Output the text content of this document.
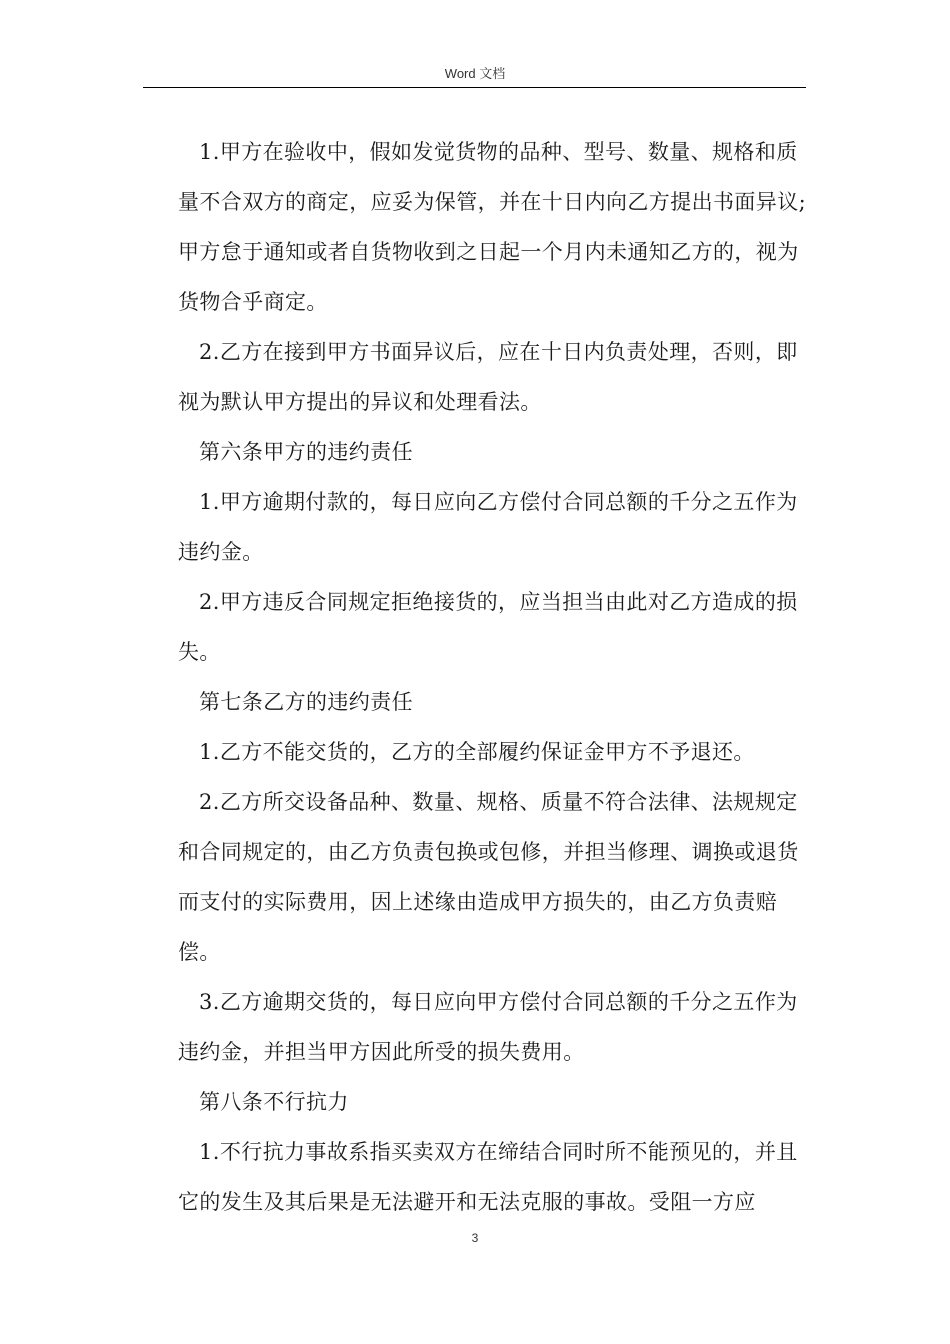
Word 文档

1.甲方在验收中，假如发觉货物的品种、型号、数量、规格和质量不合双方的商定，应妥为保管，并在十日内向乙方提出书面异议;甲方怠于通知或者自货物收到之日起一个月内未通知乙方的，视为货物合乎商定。

2.乙方在接到甲方书面异议后，应在十日内负责处理，否则，即视为默认甲方提出的异议和处理看法。

第六条甲方的违约责任

1.甲方逾期付款的，每日应向乙方偿付合同总额的千分之五作为违约金。

2.甲方违反合同规定拒绝接货的，应当担当由此对乙方造成的损失。

第七条乙方的违约责任

1.乙方不能交货的，乙方的全部履约保证金甲方不予退还。

2.乙方所交设备品种、数量、规格、质量不符合法律、法规规定和合同规定的，由乙方负责包换或包修，并担当修理、调换或退货而支付的实际费用，因上述缘由造成甲方损失的，由乙方负责赔偿。

3.乙方逾期交货的，每日应向甲方偿付合同总额的千分之五作为违约金，并担当甲方因此所受的损失费用。

第八条不行抗力

1.不行抗力事故系指买卖双方在缔结合同时所不能预见的，并且它的发生及其后果是无法避开和无法克服的事故。受阻一方应

3
